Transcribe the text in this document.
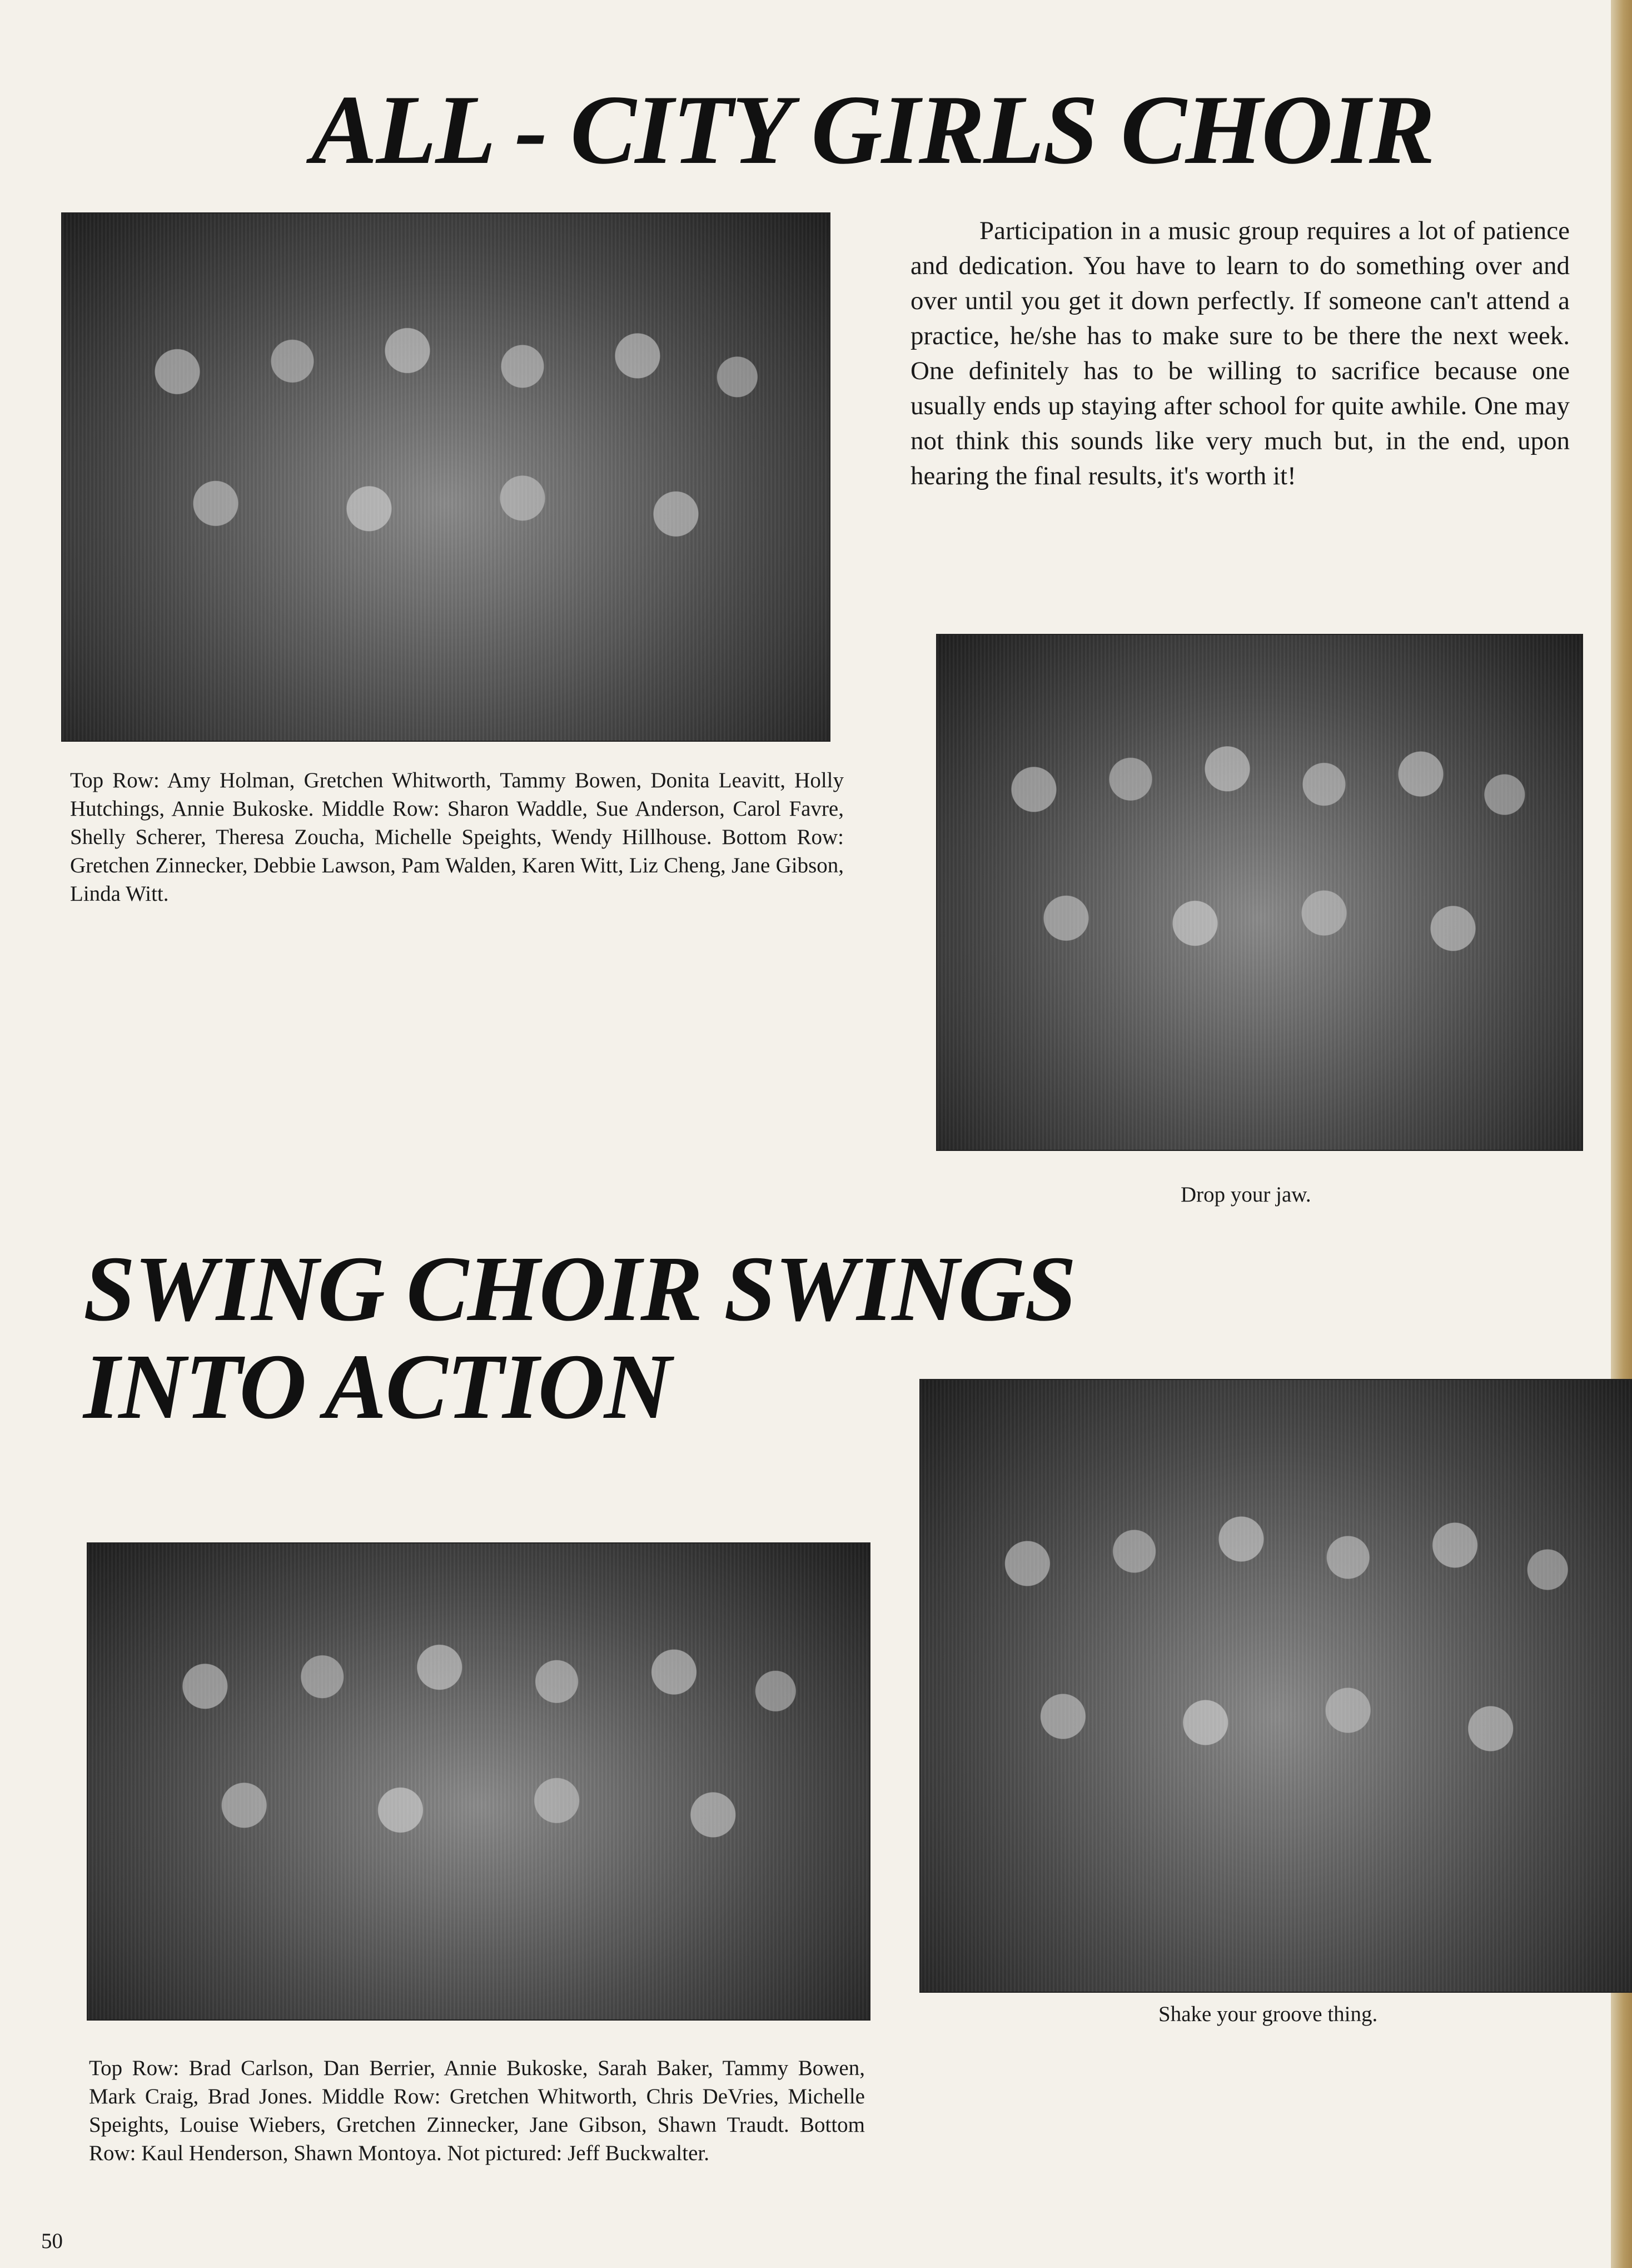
ALL - CITY GIRLS CHOIR

Participation in a music group requires a lot of patience and dedication. You have to learn to do something over and over until you get it down perfectly. If someone can't attend a practice, he/she has to make sure to be there the next week. One definitely has to be willing to sacrifice because one usually ends up staying after school for quite awhile. One may not think this sounds like very much but, in the end, upon hearing the final results, it's worth it!

Top Row: Amy Holman, Gretchen Whitworth, Tammy Bowen, Donita Leavitt, Holly Hutchings, Annie Bukoske. Middle Row: Sharon Waddle, Sue Anderson, Carol Favre, Shelly Scherer, Theresa Zoucha, Michelle Speights, Wendy Hillhouse. Bottom Row: Gretchen Zinnecker, Debbie Lawson, Pam Walden, Karen Witt, Liz Cheng, Jane Gibson, Linda Witt.

Drop your jaw.

SWING CHOIR SWINGS
INTO ACTION

Shake your groove thing.

Top Row: Brad Carlson, Dan Berrier, Annie Bukoske, Sarah Baker, Tammy Bowen, Mark Craig, Brad Jones. Middle Row: Gretchen Whitworth, Chris DeVries, Michelle Speights, Louise Wiebers, Gretchen Zinnecker, Jane Gibson, Shawn Traudt. Bottom Row: Kaul Henderson, Shawn Montoya. Not pictured: Jeff Buckwalter.

50
